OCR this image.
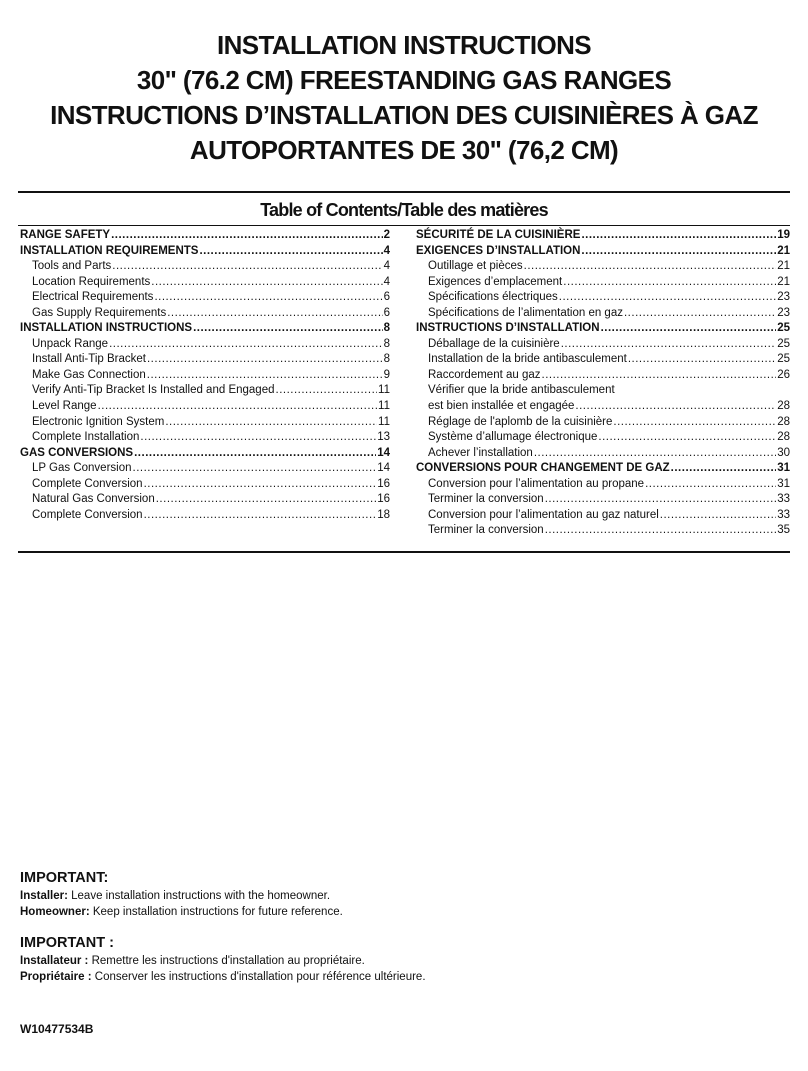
INSTALLATION INSTRUCTIONS
30" (76.2 CM) FREESTANDING GAS RANGES
INSTRUCTIONS D’INSTALLATION DES CUISINIÈRES À GAZ
AUTOPORTANTES DE 30" (76,2 CM)
Table of Contents/Table des matières
RANGE SAFETY .....	2
INSTALLATION REQUIREMENTS .....	4
Tools and Parts .....	4
Location Requirements .....	4
Electrical Requirements .....	6
Gas Supply Requirements .....	6
INSTALLATION INSTRUCTIONS .....	8
Unpack Range .....	8
Install Anti-Tip Bracket .....	8
Make Gas Connection .....	9
Verify Anti-Tip Bracket Is Installed and Engaged .....	11
Level Range .....	11
Electronic Ignition System .....	11
Complete Installation .....	13
GAS CONVERSIONS .....	14
LP Gas Conversion .....	14
Complete Conversion .....	16
Natural Gas Conversion .....	16
Complete Conversion .....	18
SÉCURITÉ DE LA CUISINIÈRE .....	19
EXIGENCES D’INSTALLATION .....	21
Outillage et pièces .....	21
Exigences d’emplacement .....	21
Spécifications électriques .....	23
Spécifications de l’alimentation en gaz .....	23
INSTRUCTIONS D’INSTALLATION .....	25
Déballage de la cuisinière .....	25
Installation de la bride antibasculement .....	25
Raccordement au gaz .....	26
Vérifier que la bride antibasculement
est bien installée et engagée .....	28
Réglage de l'aplomb de la cuisinière .....	28
Système d’allumage électronique .....	28
Achever l’installation .....	30
CONVERSIONS POUR CHANGEMENT DE GAZ .....	31
Conversion pour l’alimentation au propane .....	31
Terminer la conversion .....	33
Conversion pour l’alimentation au gaz naturel .....	33
Terminer la conversion .....	35
IMPORTANT:
Installer: Leave installation instructions with the homeowner.
Homeowner: Keep installation instructions for future reference.
IMPORTANT :
Installateur : Remettre les instructions d'installation au propriétaire.
Propriétaire : Conserver les instructions d'installation pour référence ultérieure.
W10477534B
